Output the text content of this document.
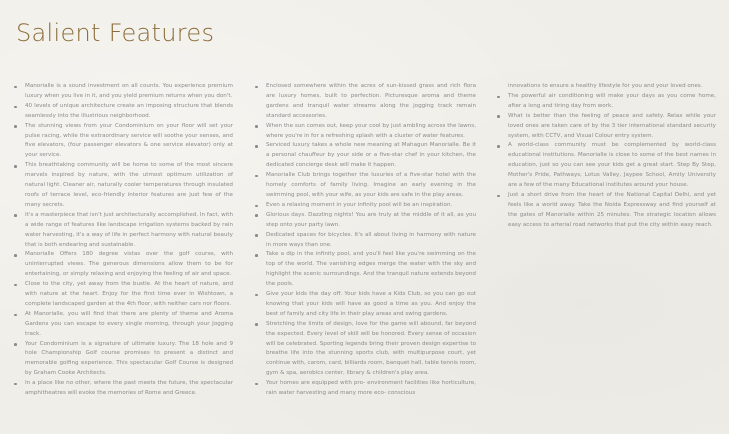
Salient Features
Manorialle is a sound investment on all counts. You experience premium luxury when you live in it, and you yield premium returns when you don't.
40 levels of unique architecture create an imposing structure that blends seamlessly into the illustrious neighborhood.
The stunning views from your Condominium on your floor will set your pulse racing, while the extraordinary service will soothe your senses, and five elevators, (four passenger elevators & one service elevator) only at your service.
This breathtaking community will be home to some of the most sincere marvels inspired by nature, with the utmost optimum utilization of natural light. Cleaner air, naturally cooler temperatures through insulated roofs of terrace level, eco-friendly interior features are just few of the many secrets.
It's a masterpiece that isn't just architecturally accomplished. In fact, with a wide range of features like landscape irrigation systems backed by rain water harvesting, it's a way of life in perfect harmony with natural beauty that is both endearing and sustainable.
Manorialle Offers 180 degree vistas over the golf course, with uninterrupted views. The generous dimensions allow them to be for entertaining, or simply relaxing and enjoying the feeling of air and space.
Close to the city, yet away from the bustle. At the heart of nature, and with nature at the heart. Enjoy for the first time ever in Wishtown, a complete landscaped garden at the 4th floor, with neither cars nor floors.
At Manorialle, you will find that there are plenty of theme and Aroma Gardens you can escape to every single morning, through your Jogging track.
Your Condominium is a signature of ultimate luxury. The 18 hole and 9 hole Championship Golf course promises to present a distinct and memorable golfing experience. This spectacular Golf Course is designed by Graham Cooke Architects.
In a place like no other, where the past meets the future, the spectacular amphitheatres will evoke the memories of Rome and Greece.
Enclosed somewhere within the acres of sun-kissed grass and rich flora are luxury homes, built to perfection. Picturesque aroma and theme gardens and tranquil water streams along the jogging track remain standard accessories.
When the sun comes out, keep your cool by just ambling across the lawns, where you're in for a refreshing splash with a cluster of water features.
Serviced luxury takes a whole new meaning at Mahagun Manorialle. Be it a personal chauffeur by your side or a five-star chef in your kitchen, the dedicated concierge desk will make it happen.
Manorialle Club brings together the luxuries of a five-star hotel with the homely comforts of family living. Imagine an early evening in the swimming pool, with your wife, as your kids are safe in the play areas.
Even a relaxing moment in your infinity pool will be an inspiration.
Glorious days. Dazzling nights! You are truly at the middle of it all, as you step onto your party lawn.
Dedicated spaces for bicycles. It's all about living in harmony with nature in more ways than one.
Take a dip in the infinity pool, and you'll feel like you're swimming on the top of the world. The vanishing edges merge the water with the sky and highlight the scenic surroundings. And the tranquil nature extends beyond the pools.
Give your kids the day off. Your kids have a Kids Club, so you can go out knowing that your kids will have as good a time as you. And enjoy the best of family and city life in their play areas and swing gardens.
Stretching the limits of design, love for the game will abound, far beyond the expected. Every level of skill will be honored. Every sense of occasion will be celebrated. Sporting legends bring their proven design expertise to breathe life into the stunning sports club, with multipurpose court, yet continue with, carom, card, billiards room, banquet hall, table tennis room, gym & spa, aerobics center, library & children's play area.
Your homes are equipped with pro- environment facilities like horticulture, rain water harvesting and many more eco- conscious
innovations to ensure a healthy lifestyle for you and your loved ones.
The powerful air conditioning will make your days as you come home, after a long and tiring day from work.
What is better than the feeling of peace and safety. Relax while your loved ones are taken care of by the 3 tier international standard security system, with CCTV, and Visual Colour entry system.
A world-class community must be complemented by world-class educational institutions. Manorialle is close to some of the best names in education, just so you can see your kids get a great start. Step By Step, Mother's Pride, Pathways, Lotus Valley, Jaypee School, Amity University are a few of the many Educational institutes around your house.
Just a short drive from the heart of the National Capital Delhi, and yet feels like a world away. Take the Noida Expressway and find yourself at the gates of Manorialle within 25 minutes. The strategic location allows easy access to arterial road networks that put the city within easy reach.
